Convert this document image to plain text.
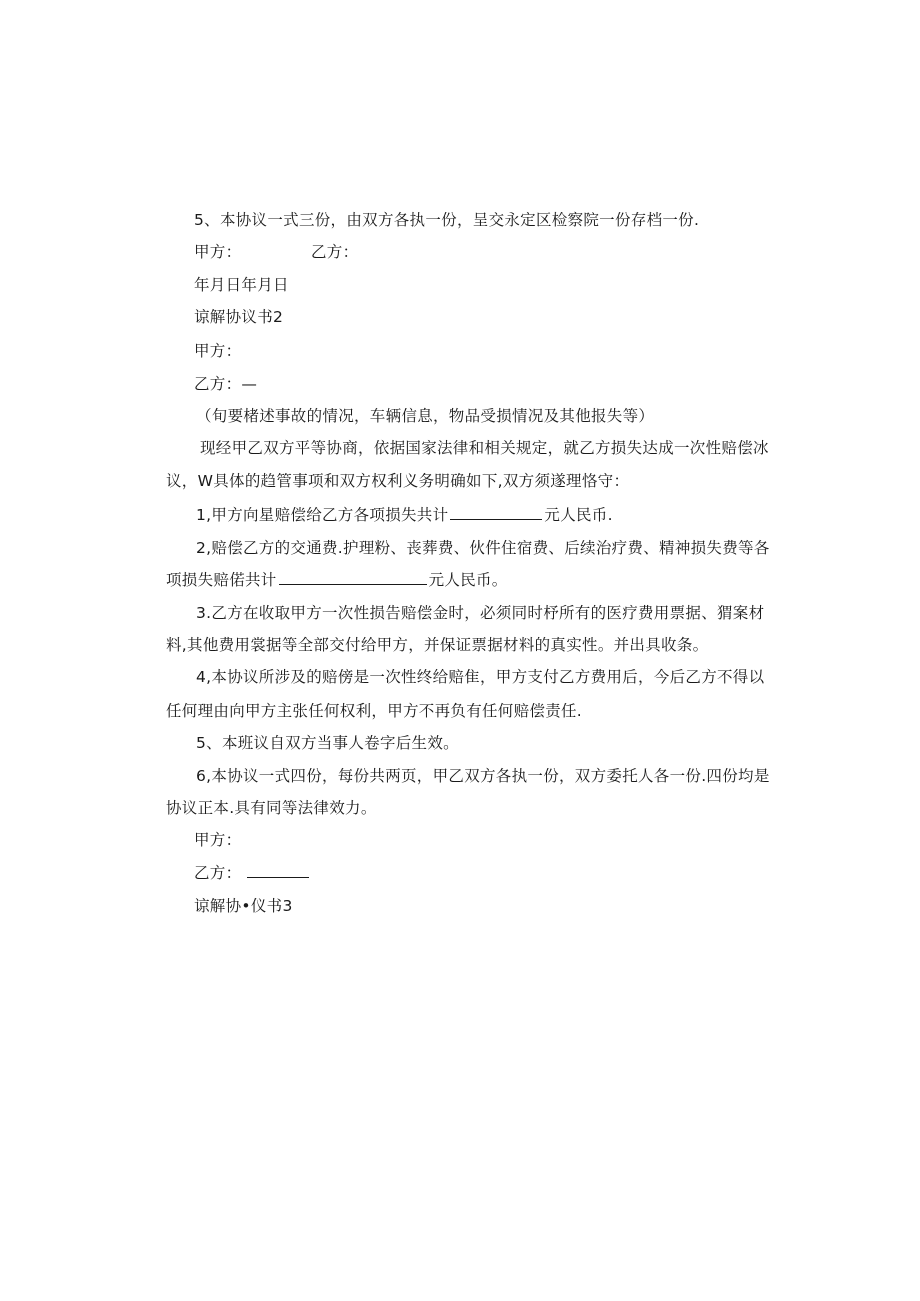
5、本协议一式三份，由双方各执一份，呈交永定区检察院一份存档一份.
甲方：	乙方：
年月日年月日
谅解协议书2
甲方：
乙方：—
（旬要楮述事故的情况，车辆信息，物品受损情况及其他报失等）
现经甲乙双方平等协商，依据国家法律和相关规定，就乙方损失达成一次性赔偿冰
议，W具体的趋管事项和双方权利义务明确如下,双方须遂理恪守：
1,甲方向星赔偿给乙方各项损失共计	元人民币.
2,赔偿乙方的交通费.护理粉、丧葬费、伙件住宿费、后续治疗费、精神损失费等各
项损失赔偌共计	元人民币。
3.乙方在收取甲方一次性损告赔偿金时，必须同时杼所有的医疗费用票据、猬案材
料,其他费用裳据等全部交付给甲方，并保证票据材料的真实性。并出具收条。
4,本协议所涉及的赔傍是一次性终给赔隹，甲方支付乙方费用后，今后乙方不得以
任何理由向甲方主张任何权利，甲方不再负有任何赔偿责任.
5、本班议自双方当事人卷字后生效。
6,本协议一式四份，每份共两页，甲乙双方各执一份，双方委托人各一份.四份均是
协议正本.具有同等法律效力。
甲方：
乙方：
谅解协•仪书3
